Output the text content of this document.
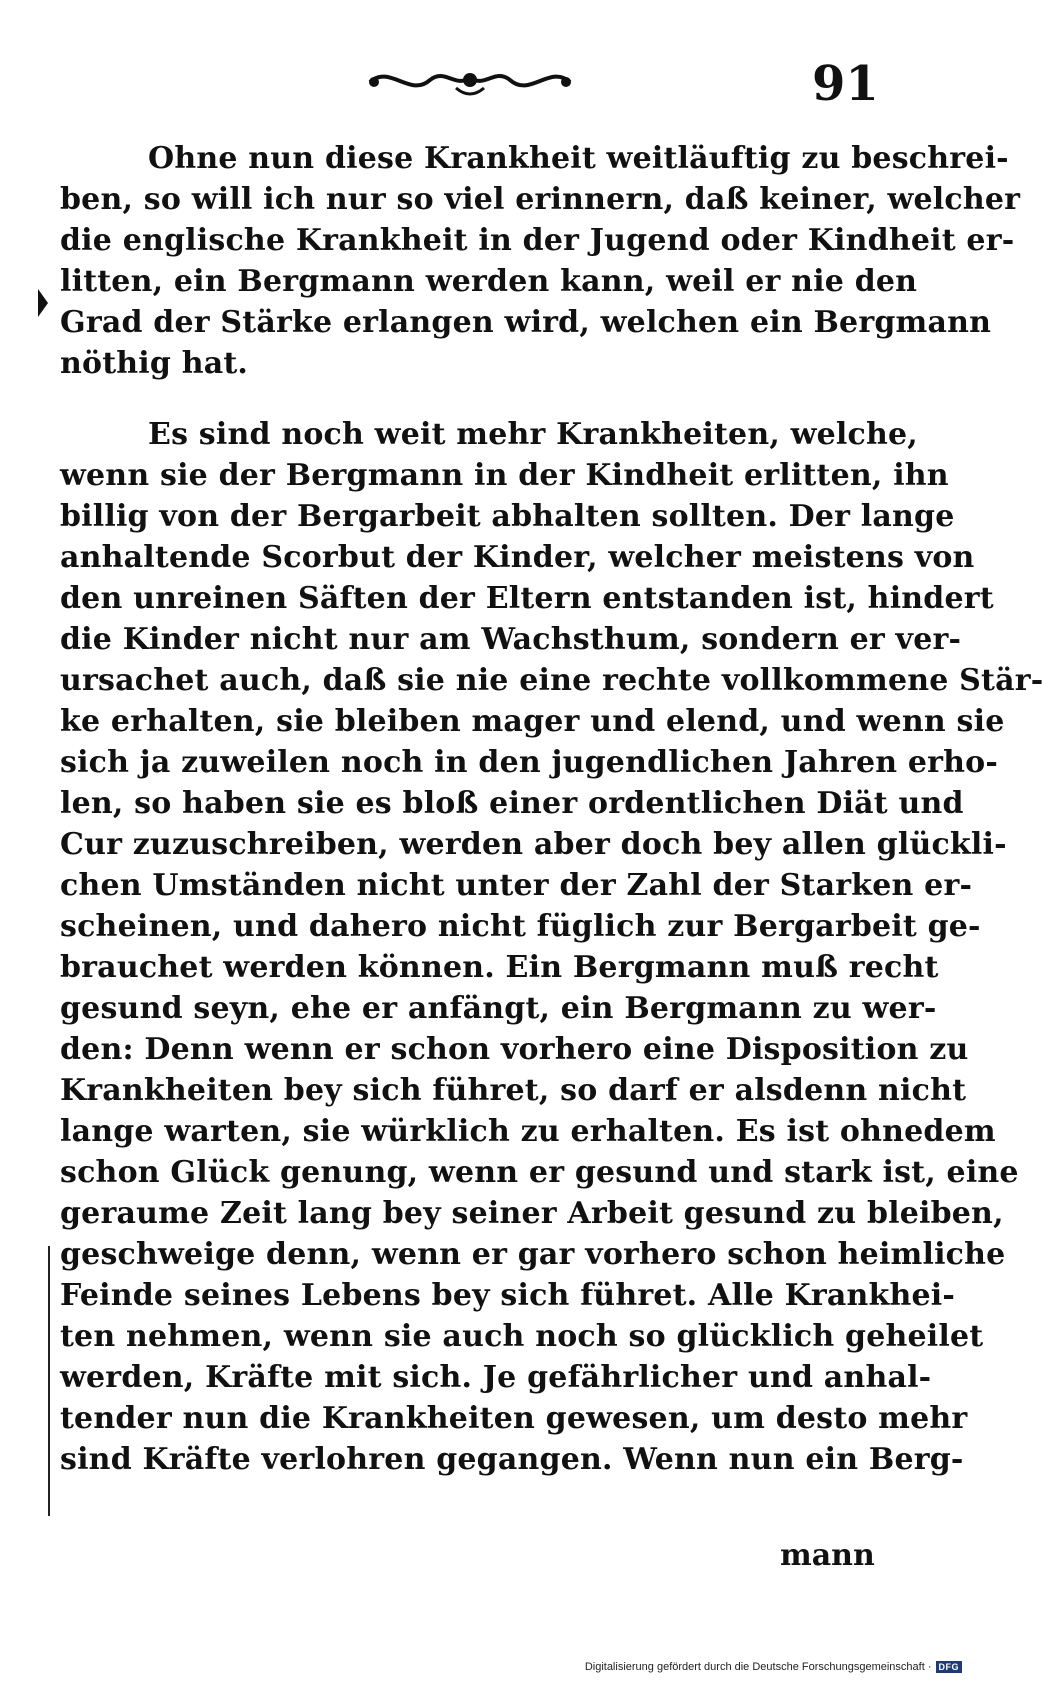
91
Ohne nun diese Krankheit weitläuftig zu beschrei-
ben, so will ich nur so viel erinnern, daß keiner, welcher
die englische Krankheit in der Jugend oder Kindheit er-
litten, ein Bergmann werden kann, weil er nie den
Grad der Stärke erlangen wird, welchen ein Bergmann
nöthig hat.
Es sind noch weit mehr Krankheiten, welche,
wenn sie der Bergmann in der Kindheit erlitten, ihn
billig von der Bergarbeit abhalten sollten. Der lange
anhaltende Scorbut der Kinder, welcher meistens von
den unreinen Säften der Eltern entstanden ist, hindert
die Kinder nicht nur am Wachsthum, sondern er ver-
ursachet auch, daß sie nie eine rechte vollkommene Stär-
ke erhalten, sie bleiben mager und elend, und wenn sie
sich ja zuweilen noch in den jugendlichen Jahren erho-
len, so haben sie es bloß einer ordentlichen Diät und
Cur zuzuschreiben, werden aber doch bey allen glückli-
chen Umständen nicht unter der Zahl der Starken er-
scheinen, und dahero nicht füglich zur Bergarbeit ge-
brauchet werden können. Ein Bergmann muß recht
gesund seyn, ehe er anfängt, ein Bergmann zu wer-
den: Denn wenn er schon vorhero eine Disposition zu
Krankheiten bey sich führet, so darf er alsdenn nicht
lange warten, sie würklich zu erhalten. Es ist ohnedem
schon Glück genung, wenn er gesund und stark ist, eine
geraume Zeit lang bey seiner Arbeit gesund zu bleiben,
geschweige denn, wenn er gar vorhero schon heimliche
Feinde seines Lebens bey sich führet. Alle Krankhei-
ten nehmen, wenn sie auch noch so glücklich geheilet
werden, Kräfte mit sich. Je gefährlicher und anhal-
tender nun die Krankheiten gewesen, um desto mehr
sind Kräfte verlohren gegangen. Wenn nun ein Berg-
mann
Digitalisierung gefördert durch die Deutsche Forschungsgemeinschaft · DFG
